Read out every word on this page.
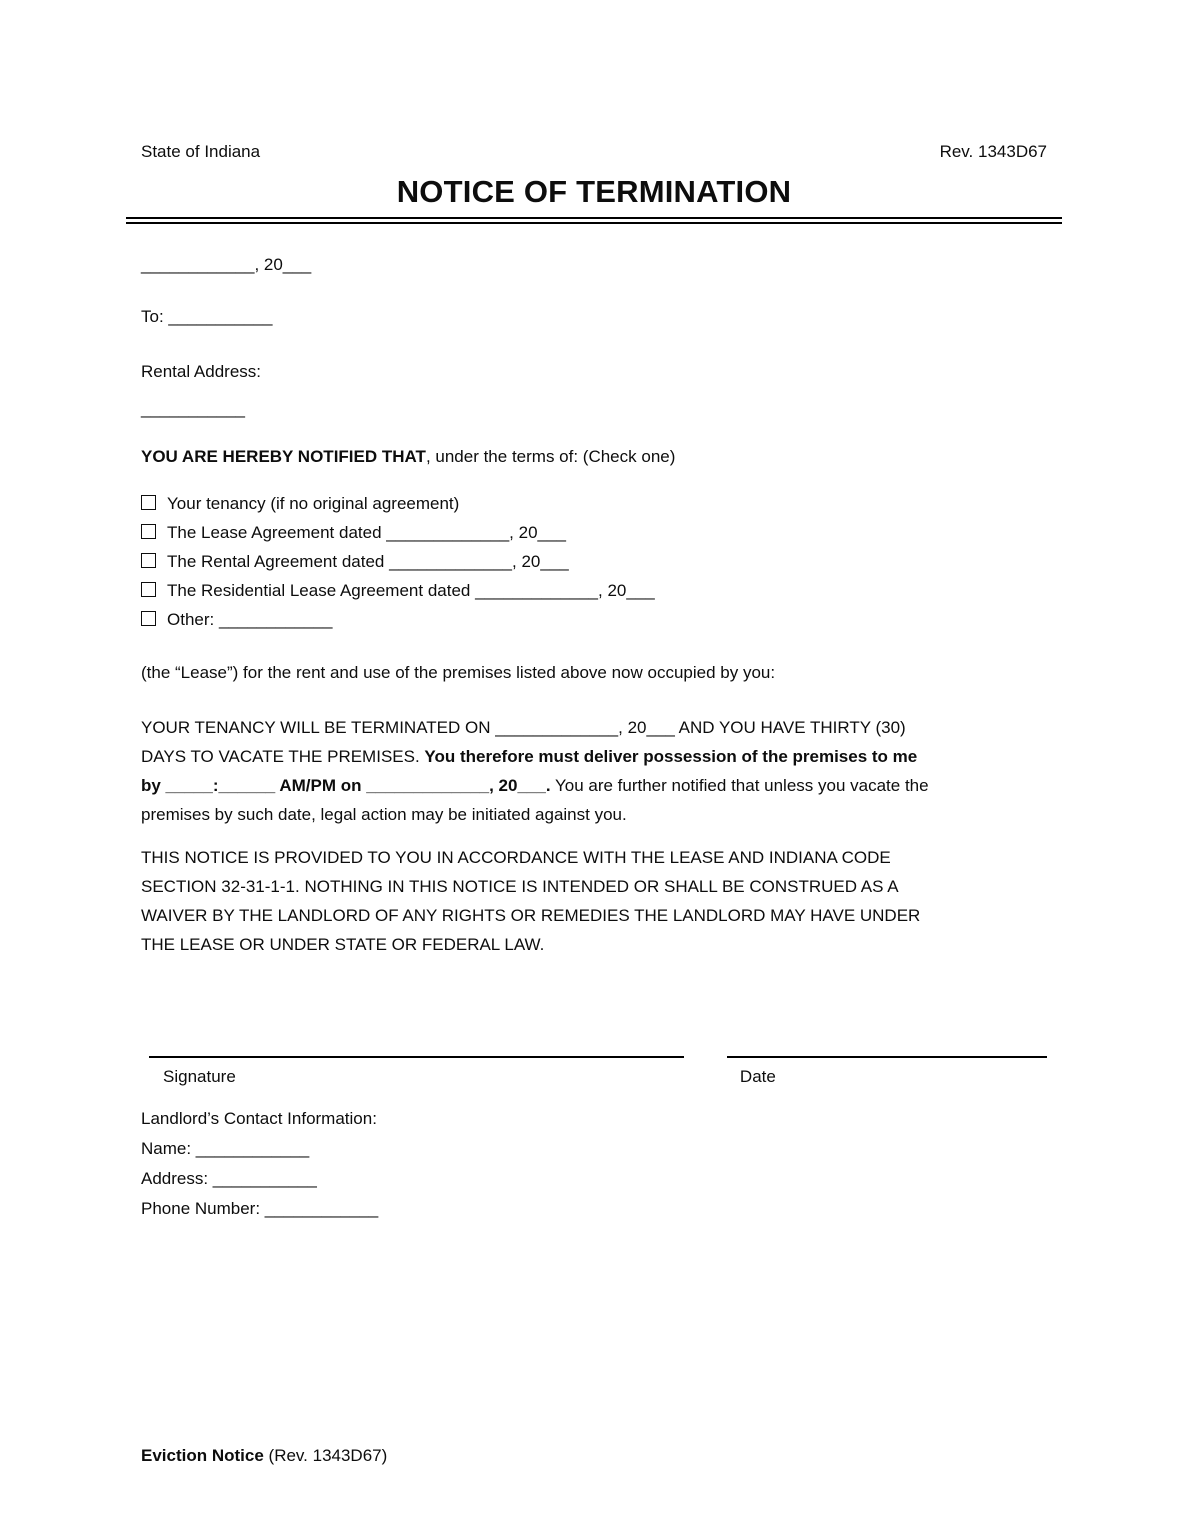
State of Indiana	Rev. 1343D67
NOTICE OF TERMINATION
____________, 20___
To: ___________
Rental Address:
___________
YOU ARE HEREBY NOTIFIED THAT, under the terms of: (Check one)
Your tenancy (if no original agreement)
The Lease Agreement dated _____________, 20___
The Rental Agreement dated _____________, 20___
The Residential Lease Agreement dated _____________, 20___
Other: ____________
(the “Lease”) for the rent and use of the premises listed above now occupied by you:
YOUR TENANCY WILL BE TERMINATED ON _____________, 20___ AND YOU HAVE THIRTY (30)
DAYS TO VACATE THE PREMISES. You therefore must deliver possession of the premises to me
by _____:______ AM/PM on _____________, 20___. You are further notified that unless you vacate the
premises by such date, legal action may be initiated against you.
THIS NOTICE IS PROVIDED TO YOU IN ACCORDANCE WITH THE LEASE AND INDIANA CODE
SECTION 32-31-1-1. NOTHING IN THIS NOTICE IS INTENDED OR SHALL BE CONSTRUED AS A
WAIVER BY THE LANDLORD OF ANY RIGHTS OR REMEDIES THE LANDLORD MAY HAVE UNDER
THE LEASE OR UNDER STATE OR FEDERAL LAW.
Signature	Date
Landlord’s Contact Information:
Name: ____________
Address: ___________
Phone Number: ____________
Eviction Notice (Rev. 1343D67)
